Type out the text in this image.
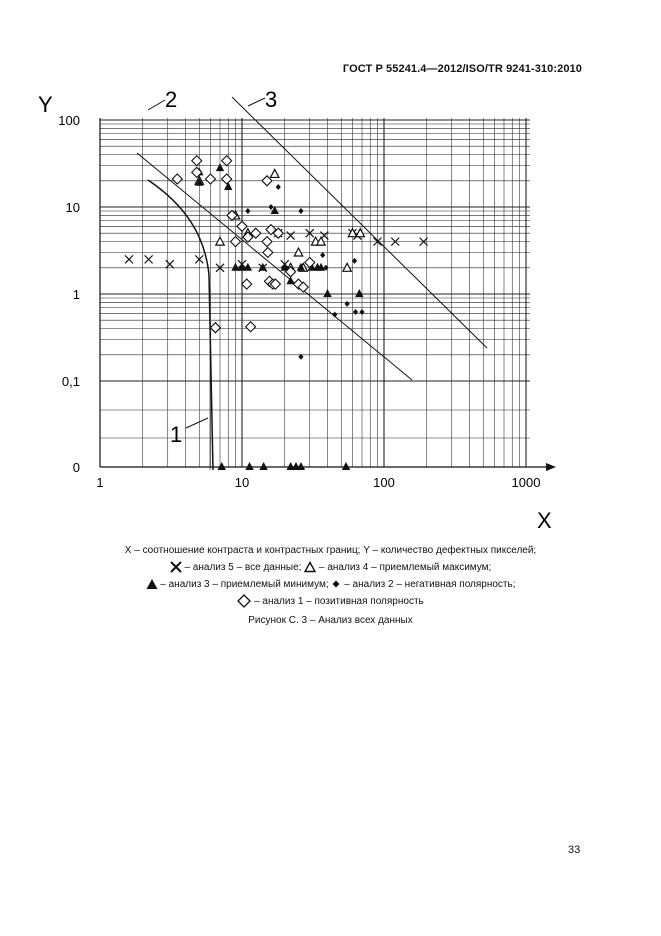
ГОСТ Р 55241.4—2012/ISO/TR 9241-310:2010
Y
X
1
2	3
1	10	100	1000
0
0,1
1
10
100
X – соотношение контраста и контрастных границ; Y – количество дефектных пикселей;
– анализ 5 – все данные; – анализ 4 – приемлемый максимум;
– анализ 3 – приемлемый минимум; – анализ 2 – негативная полярность;
– анализ 1 – позитивная полярность
Рисунок С. 3 – Анализ всех данных
33
